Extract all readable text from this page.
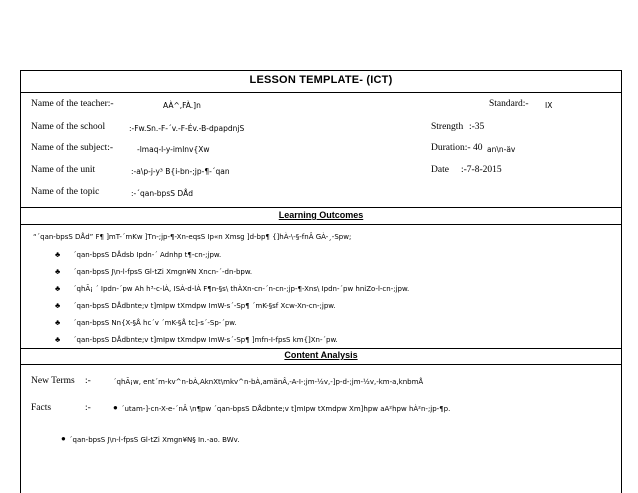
LESSON TEMPLATE- (ICT)
Name of the teacher:-	AÀ^,FÀ.]n	Standard:- IX
Name of the school	:-Fw.Sn.-F-´v.-F-Év.-B-dpapdnjS	Strength :-35
Name of the subject:-	-lmaq-l-y-imlnv{Xw	Duration:- 40 an\n-äv
Name of the unit	:-a\p-j-y³ B{i-bn-;jp-¶-´qan	Date :-7-8-2015
Name of the topic	:-´qan-bpsS DÅd
Learning Outcomes
“´qan-bpsS DÅd” F¶ ]mT-´mKw ]Tn-;jp-¶-Xn-eqsS Ip«n Xmsg ]d-bp¶ {]hÀ-\-§-fnÂ GÀ-¸-Spw;
♣ ´qan-bpsS DÅdsb Ipdn-´ Adnhp t¶-cn-;jpw.
♣ ´qan-bpsS J\n-l-fpsS Gl-tZi Xmgn¥N Xncn-´-dn-bpw.
♣ ´qhÃ¡ ´ Ipdn-´pw Ah h³-c-lÀ, ISÀ-d-lÀ F¶n-§s\ thÀXn-cn-´n-cn-;jp-¶-Xns\ Ipdn-´pw hniZo-l-cn-;jpw.
♣ ´qan-bpsS DÅdbnte;v t]mIpw tXmdpw ImW-s´-Sp¶ ´mK-§sf Xcw-Xn-cn-;jpw.
♣ ´qan-bpsS Nn{X-§Å hc´v ´mK-§Å tc]-s´-Sp-´pw.
♣ ´qan-bpsS DÅdbnte;v t]mIpw tXmdpw ImW-s´-Sp¶ ]mfn-I-fpsS km{]Xn-´pw.
Content Analysis
New Terms :-	´qhÃ¡w, ent´m-kv^n-bÀ,AknXt\mkv^n-bÀ,amänÂ,-A-I-;jm-½v,-]p-d-;jm-½v,-km-a,knbmÅ
Facts	:-	● ´utam-]-cn-X-e-´nÂ \n¶pw ´qan-bpsS DÅdbnte;v t]mIpw tXmdpw Xm]hpw aA²hpw hÀ²n-;jp-¶p.
● ´qan-bpsS J\n-l-fpsS Gl-tZi Xmgn¥N§ In.-ao. BWv.
